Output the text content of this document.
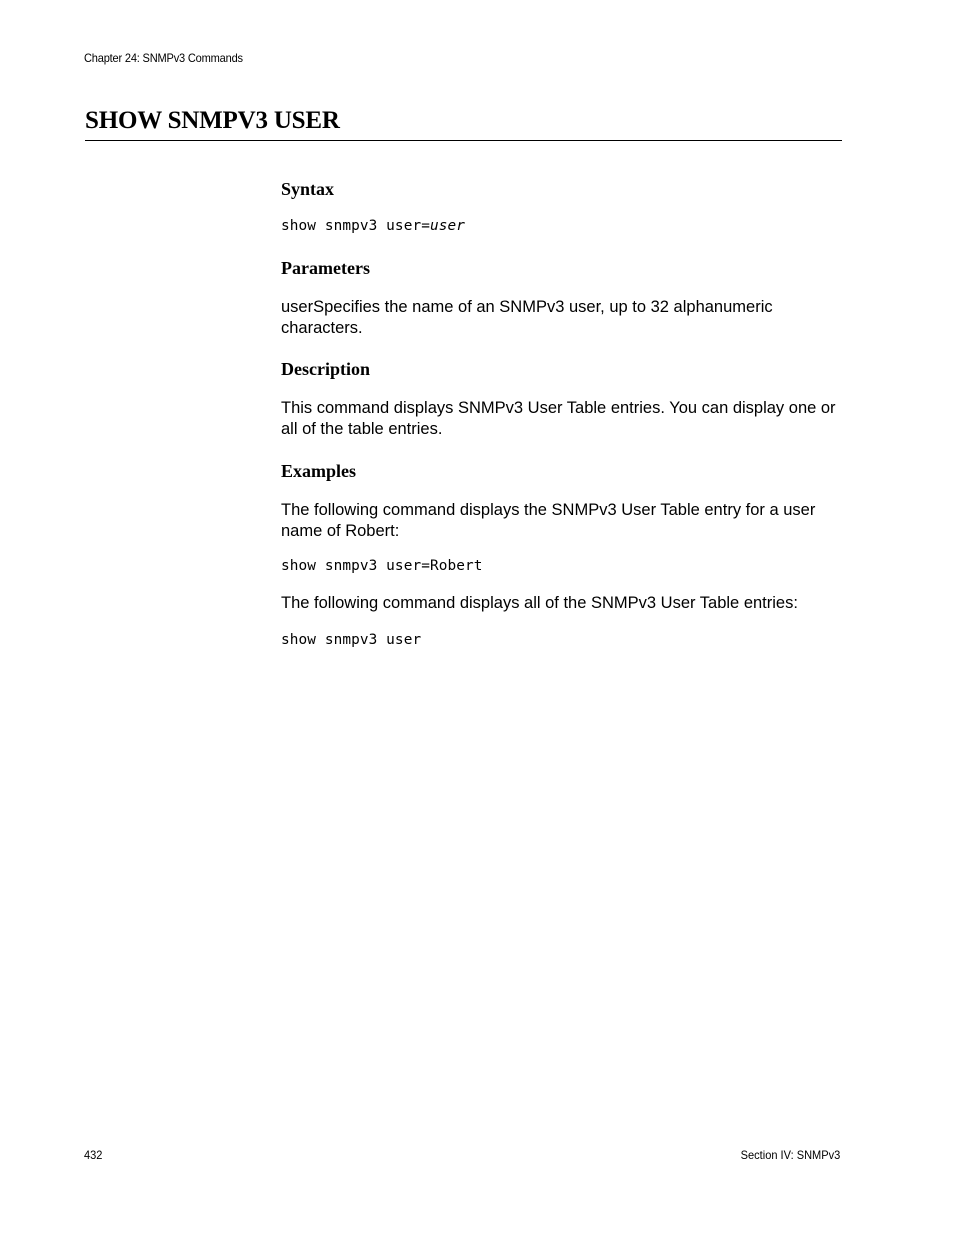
Chapter 24: SNMPv3 Commands
SHOW SNMPV3 USER
Syntax
show snmpv3 user=user
Parameters

userSpecifies the name of an SNMPv3 user, up to 32 alphanumeric characters.

Description

This command displays SNMPv3 User Table entries. You can display one or all of the table entries.

Examples

The following command displays the SNMPv3 User Table entry for a user name of Robert:

show snmpv3 user=Robert

The following command displays all of the SNMPv3 User Table entries:

show snmpv3 user
432	Section IV: SNMPv3
